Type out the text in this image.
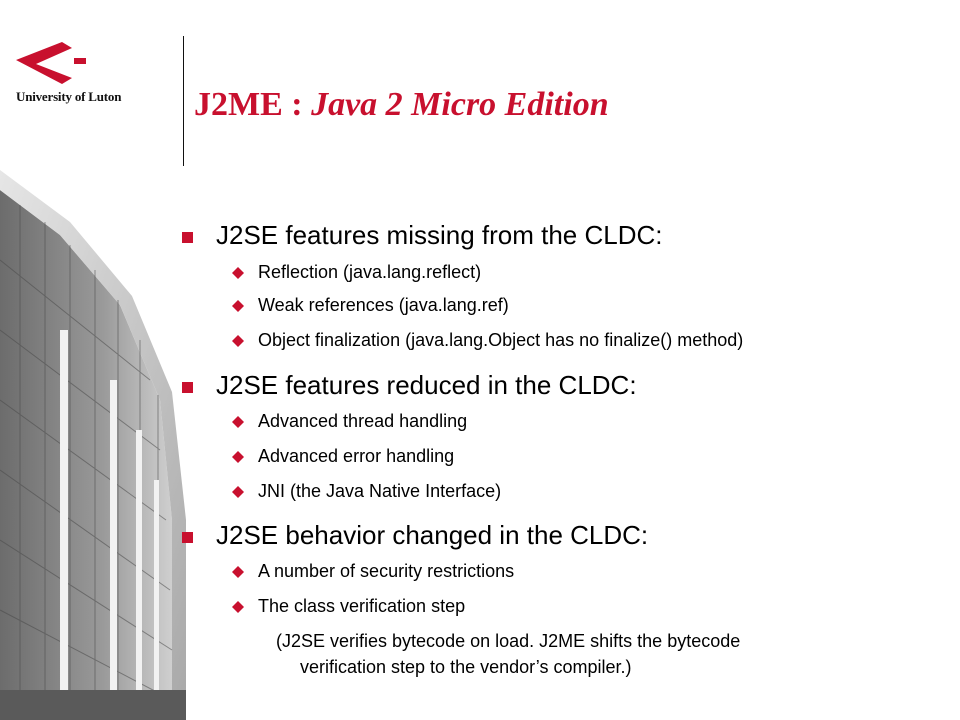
University of Luton J2ME : Java 2 Micro Edition
J2SE features missing from the CLDC:
Reflection (java.lang.reflect)
Weak references (java.lang.ref)
Object finalization (java.lang.Object has no finalize() method)
J2SE features reduced in the CLDC:
Advanced thread handling
Advanced error handling
JNI (the Java Native Interface)
J2SE behavior changed in the CLDC:
A number of security restrictions
The class verification step
(J2SE verifies bytecode on load. J2ME shifts the bytecode
verification step to the vendor’s compiler.)
